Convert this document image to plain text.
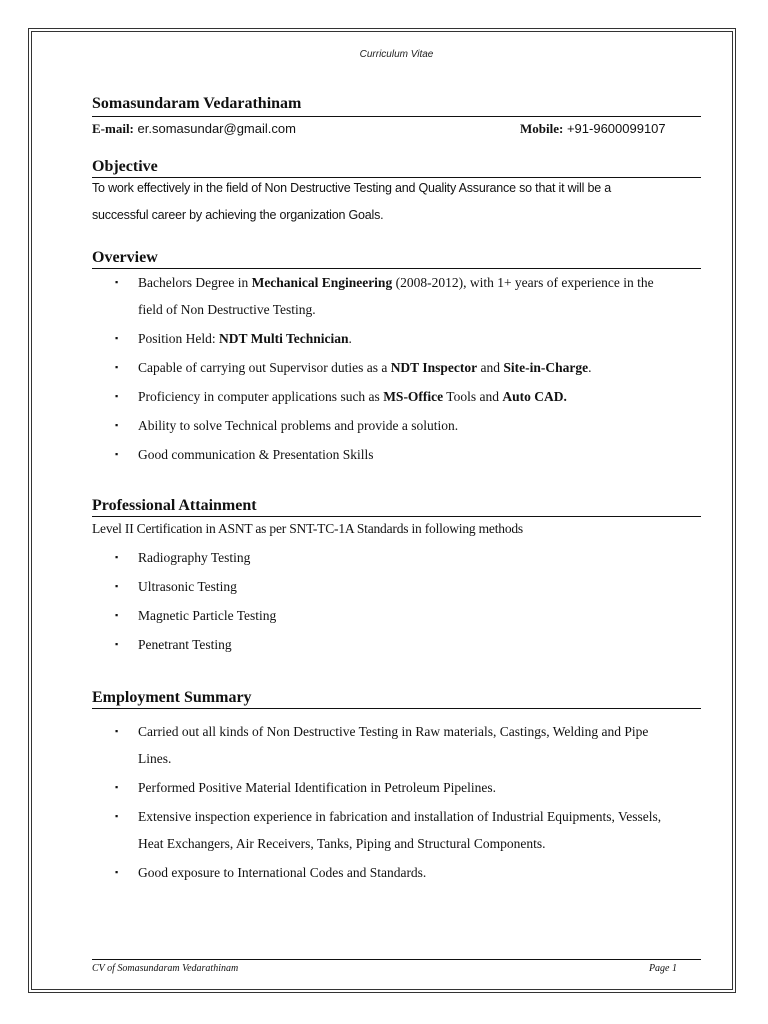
Curriculum Vitae
Somasundaram Vedarathinam
E-mail: er.somasundar@gmail.com	Mobile: +91-9600099107
Objective
To work effectively in the field of Non Destructive Testing and Quality Assurance so that it will be a
successful career by achieving the organization Goals.
Overview
▪ Bachelors Degree in Mechanical Engineering (2008-2012), with 1+ years of experience in the field of Non Destructive Testing.
▪ Position Held: NDT Multi Technician.
▪ Capable of carrying out Supervisor duties as a NDT Inspector and Site-in-Charge.
▪ Proficiency in computer applications such as MS-Office Tools and Auto CAD.
▪ Ability to solve Technical problems and provide a solution.
▪ Good communication & Presentation Skills
Professional Attainment
Level II Certification in ASNT as per SNT-TC-1A Standards in following methods
▪ Radiography Testing
▪ Ultrasonic Testing
▪ Magnetic Particle Testing
▪ Penetrant Testing
Employment Summary
▪ Carried out all kinds of Non Destructive Testing in Raw materials, Castings, Welding and Pipe Lines.
▪ Performed Positive Material Identification in Petroleum Pipelines.
▪ Extensive inspection experience in fabrication and installation of Industrial Equipments, Vessels, Heat Exchangers, Air Receivers, Tanks, Piping and Structural Components.
▪ Good exposure to International Codes and Standards.
CV of Somasundaram Vedarathinam	Page 1
